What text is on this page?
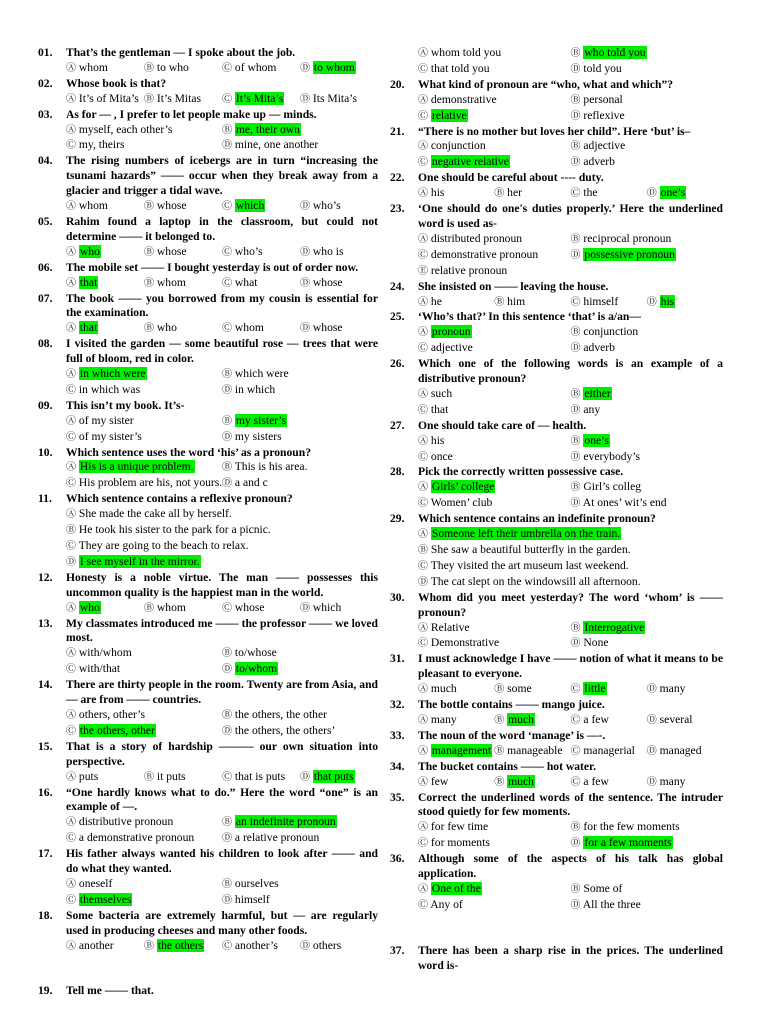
01.	That’s the gentleman — I spoke about the job.
Ⓐ whom	Ⓑ to who	Ⓒ of whom	Ⓓ to whom
02.	Whose book is that?
Ⓐ It’s of Mita’s Ⓑ It’s Mitas	Ⓒ It’s Mita’s	Ⓓ Its Mita’s
03.	As for — , I prefer to let people make up — minds.
Ⓐ myself, each other’s	Ⓑ me, their own
Ⓒ my, theirs	Ⓓ mine, one another
04.	The rising numbers of icebergs are in turn “increasing the tsunami hazards” —— occur when they break away from a glacier and trigger a tidal wave.
Ⓐ whom	Ⓑ whose	Ⓒ which	Ⓓ who’s
05.	Rahim found a laptop in the classroom, but could not determine —— it belonged to.
Ⓐ who	Ⓑ whose	Ⓒ who’s	Ⓓ who is
06.	The mobile set —— I bought yesterday is out of order now.
Ⓐ that	Ⓑ whom	Ⓒ what	Ⓓ whose
07.	The book —— you borrowed from my cousin is essential for the examination.
Ⓐ that	Ⓑ who	Ⓒ whom	Ⓓ whose
08.	I visited the garden — some beautiful rose — trees that were full of bloom, red in color.
Ⓐ in which were	Ⓑ which were
Ⓒ in which was	Ⓓ in which
09.	This isn’t my book. It’s-
Ⓐ of my sister	Ⓑ my sister’s
Ⓒ of my sister’s	Ⓓ my sisters
10.	Which sentence uses the word ‘his’ as a pronoun?
Ⓐ His is a unique problem.	Ⓑ This is his area.
Ⓒ His problem are his, not yours. Ⓓ a and c
11.	Which sentence contains a reflexive pronoun?
Ⓐ She made the cake all by herself.
Ⓑ He took his sister to the park for a picnic.
Ⓒ They are going to the beach to relax.
Ⓓ I see myself in the mirror.
12.	Honesty is a noble virtue. The man —— possesses this uncommon quality is the happiest man in the world.
Ⓐ who	Ⓑ whom	Ⓒ whose	Ⓓ which
13.	My classmates introduced me —— the professor —— we loved most.
Ⓐ with/whom	Ⓑ to/whose
Ⓒ with/that	Ⓓ to/whom
14.	There are thirty people in the room. Twenty are from Asia, and — are from —— countries.
Ⓐ others, other’s	Ⓑ the others, the other
Ⓒ the others, other	Ⓓ the others, the others’
15.	That is a story of hardship ——— our own situation into perspective.
Ⓐ puts	Ⓑ it puts	Ⓒ that is puts	Ⓓ that puts
16.	“One hardly knows what to do.” Here the word “one” is an example of —.
Ⓐ distributive pronoun	Ⓑ an indefinite pronoun
Ⓒ a demonstrative pronoun	Ⓓ a relative pronoun
17.	His father always wanted his children to look after —— and do what they wanted.
Ⓐ oneself	Ⓑ ourselves
Ⓒ themselves	Ⓓ himself
18.	Some bacteria are extremely harmful, but — are regularly used in producing cheeses and many other foods.
Ⓐ another	Ⓑ the others	Ⓒ another’s	Ⓓ others
19.	Tell me —— that.
Ⓐ whom told you	Ⓑ who told you
Ⓒ that told you	Ⓓ told you
20.	What kind of pronoun are “who, what and which”?
Ⓐ demonstrative	Ⓑ personal
Ⓒ relative	Ⓓ reflexive
21.	“There is no mother but loves her child”. Here ‘but’ is–
Ⓐ conjunction	Ⓑ adjective
Ⓒ negative relative	Ⓓ adverb
22.	One should be careful about ---- duty.
Ⓐ his	Ⓑ her	Ⓒ the	Ⓓ one’s
23.	‘One should do one's duties properly.’ Here the underlined word is used as-
Ⓐ distributed pronoun	Ⓑ reciprocal pronoun
Ⓒ demonstrative pronoun	Ⓓ possessive pronoun
Ⓔ relative pronoun
24.	She insisted on —— leaving the house.
Ⓐ he	Ⓑ him	Ⓒ himself	Ⓓ his
25.	‘Who’s that?’ In this sentence ‘that’ is a/an—
Ⓐ pronoun	Ⓑ conjunction
Ⓒ adjective	Ⓓ adverb
26.	Which one of the following words is an example of a distributive pronoun?
Ⓐ such	Ⓑ either
Ⓒ that	Ⓓ any
27.	One should take care of — health.
Ⓐ his	Ⓑ one’s
Ⓒ once	Ⓓ everybody’s
28.	Pick the correctly written possessive case.
Ⓐ Girls’ college	Ⓑ Girl’s colleg
Ⓒ Women’ club	Ⓓ At ones’ wit’s end
29.	Which sentence contains an indefinite pronoun?
Ⓐ Someone left their umbrella on the train.
Ⓑ She saw a beautiful butterfly in the garden.
Ⓒ They visited the art museum last weekend.
Ⓓ The cat slept on the windowsill all afternoon.
30.	Whom did you meet yesterday? The word ‘whom’ is —— pronoun?
Ⓐ Relative	Ⓑ Interrogative
Ⓒ Demonstrative	Ⓓ None
31.	I must acknowledge I have —— notion of what it means to be pleasant to everyone.
Ⓐ much	Ⓑ some	Ⓒ little	Ⓓ many
32.	The bottle contains —— mango juice.
Ⓐ many	Ⓑ much	Ⓒ a few	Ⓓ several
33.	The noun of the word ‘manage’ is —-.
Ⓐ management Ⓑ manageable Ⓒ managerial	Ⓓ managed
34.	The bucket contains —— hot water.
Ⓐ few	Ⓑ much	Ⓒ a few	Ⓓ many
35.	Correct the underlined words of the sentence. The intruder stood quietly for few moments.
Ⓐ for few time	Ⓑ for the few moments
Ⓒ for moments	Ⓓ for a few moments
36.	Although some of the aspects of his talk has global application.
Ⓐ One of the	Ⓑ Some of
Ⓒ Any of	Ⓓ All the three
37.	There has been a sharp rise in the prices. The underlined word is-
